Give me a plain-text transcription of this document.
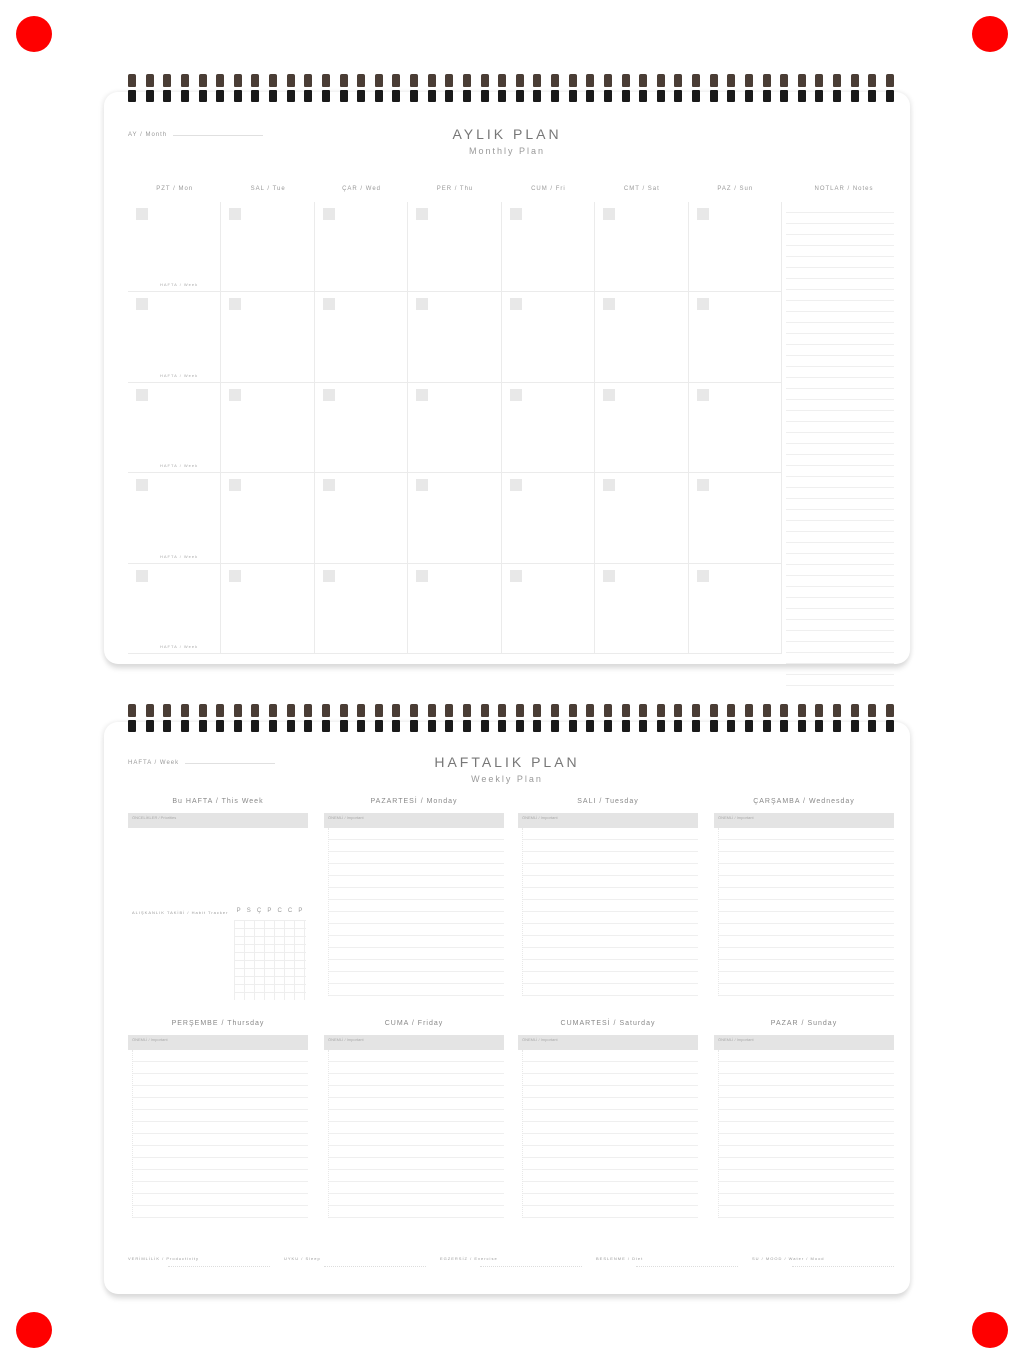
AY / Month	AYLIK PLAN
Monthly Plan
PZT / Mon	SAL / Tue	ÇAR / Wed	PER / Thu	CUM / Fri	CMT / Sat	PAZ / Sun	NOTLAR / Notes
HAFTA / Week
HAFTA / Week
HAFTA / Week
HAFTA / Week
HAFTA / Week
HAFTA / Week	HAFTALIK PLAN
Weekly Plan
Bu HAFTA / This Week
ÖNCELİKLER / Priorities
PAZARTESİ / Monday
ÖNEMLİ / Important
SALI / Tuesday
ÖNEMLİ / Important
ÇARŞAMBA / Wednesday
ÖNEMLİ / Important
PERŞEMBE / Thursday
ÖNEMLİ / Important
CUMA / Friday
ÖNEMLİ / Important
CUMARTESİ / Saturday
ÖNEMLİ / Important
PAZAR / Sunday
ÖNEMLİ / Important
ALIŞKANLIK TAKİBİ / Habit Tracker P S Ç P C C P
VERİMLİLİK / Productivity	UYKU / Sleep	EGZERSİZ / Exercise	BESLENME / Diet	SU / MOOD / Water / Mood
